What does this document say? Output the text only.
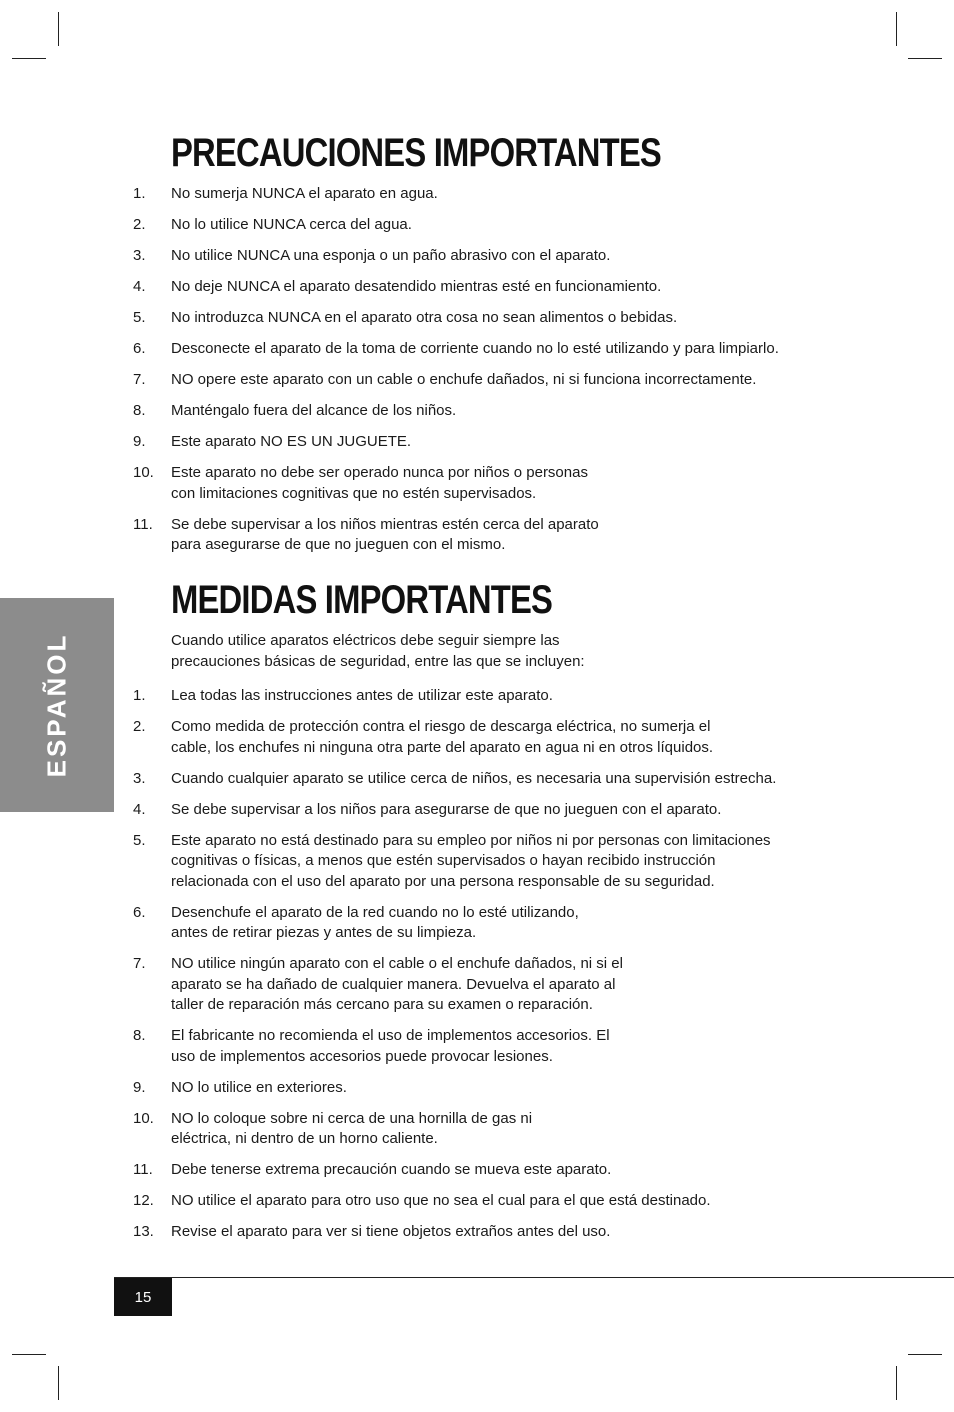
PRECAUCIONES IMPORTANTES
1. No sumerja NUNCA el aparato en agua.
2. No lo utilice NUNCA cerca del agua.
3. No utilice NUNCA una esponja o un paño abrasivo con el aparato.
4. No deje NUNCA el aparato desatendido mientras esté en funcionamiento.
5. No introduzca NUNCA en el aparato otra cosa no sean alimentos o bebidas.
6. Desconecte el aparato de la toma de corriente cuando no lo esté utilizando y para limpiarlo.
7. NO opere este aparato con un cable o enchufe dañados, ni si funciona incorrectamente.
8. Manténgalo fuera del alcance de los niños.
9. Este aparato NO ES UN JUGUETE.
10. Este aparato no debe ser operado nunca por niños o personas
con limitaciones cognitivas que no estén supervisados.
11. Se debe supervisar a los niños mientras estén cerca del aparato
para asegurarse de que no jueguen con el mismo.
MEDIDAS IMPORTANTES

Cuando utilice aparatos eléctricos debe seguir siempre las
precauciones básicas de seguridad, entre las que se incluyen:

1. Lea todas las instrucciones antes de utilizar este aparato.
2. Como medida de protección contra el riesgo de descarga eléctrica, no sumerja el
cable, los enchufes ni ninguna otra parte del aparato en agua ni en otros líquidos.
3. Cuando cualquier aparato se utilice cerca de niños, es necesaria una supervisión estrecha.
4. Se debe supervisar a los niños para asegurarse de que no jueguen con el aparato.
5. Este aparato no está destinado para su empleo por niños ni por personas con limitaciones
cognitivas o físicas, a menos que estén supervisados o hayan recibido instrucción
relacionada con el uso del aparato por una persona responsable de su seguridad.
6. Desenchufe el aparato de la red cuando no lo esté utilizando,
antes de retirar piezas y antes de su limpieza.
7. NO utilice ningún aparato con el cable o el enchufe dañados, ni si el
aparato se ha dañado de cualquier manera. Devuelva el aparato al
taller de reparación más cercano para su examen o reparación.
8. El fabricante no recomienda el uso de implementos accesorios. El
uso de implementos accesorios puede provocar lesiones.
9. NO lo utilice en exteriores.
10. NO lo coloque sobre ni cerca de una hornilla de gas ni
eléctrica, ni dentro de un horno caliente.
11. Debe tenerse extrema precaución cuando se mueva este aparato.
12. NO utilice el aparato para otro uso que no sea el cual para el que está destinado.
13. Revise el aparato para ver si tiene objetos extraños antes del uso.
ESPAÑOL
15
